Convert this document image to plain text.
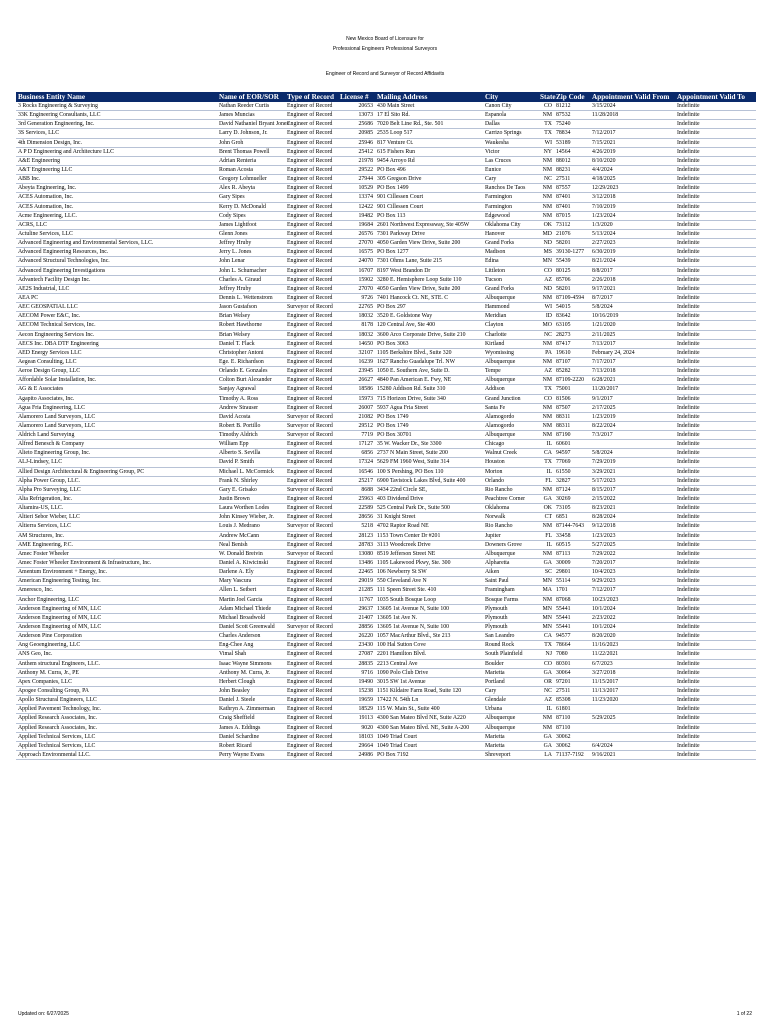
New Mexico Board of Licensure for
Professional Engineers Professional Surveyors
Engineer of Record and Surveyor of Record Affidavits
Business Entity Name	Name of EOR/SOR	Type of Record	License #	Mailing Address	City	State	Zip Code	Appointment Valid From	Appointment Valid To
3 Rocks Engineering & Surveying	Nathan Reeder Curtis	Engineer of Record	20653	430 Main Street	Canon City	CO	81212	3/15/2024	Indefinite
33K Engineering Consultants, LLC	James Muncias	Engineer of Record	13073	17 El Sito Rd.	Espanola	NM	87532	11/28/2018	Indefinite
3rd Generation Engineering, Inc.	David Nathaniel Bryant Jones	Engineer of Record	25686	7020 Belt Line Rd., Ste. 501	Dallas	TX	75240		Indefinite
3S Services, LLC	Larry D. Johnson, Jr.	Engineer of Record	20985	2535 Loop 517	Carrizo Springs	TX	78834	7/12/2017	Indefinite
4th Dimension Design, Inc.	John Groh	Engineer of Record	25946	817 Venture Ct.	Waukesha	WI	53189	7/15/2021	Indefinite
A P D Engineering and Architecture LLC	Brent Thomas Powell	Engineer of Record	25412	615 Fishers Run	Victor	NY	14564	4/26/2019	Indefinite
A&E Engineering	Adrian Renteria	Engineer of Record	21978	9454 Arroyo Rd	Las Cruces	NM	88012	8/10/2020	Indefinite
A&T Engineering LLC	Roman Acosta	Engineer of Record	29522	PO Box 496	Eunice	NM	88231	4/4/2024	Indefinite
ABB Inc.	Gregory Lohmueller	Engineer of Record	27944	305 Gregson Drive	Cary	NC	27511	4/18/2025	Indefinite
Abeyta Engineering, Inc.	Alex R. Abeyta	Engineer of Record	10529	PO Box 1499	Ranchos De Taos	NM	87557	12/29/2023	Indefinite
ACES Automation, Inc.	Gary Sipes	Engineer of Record	13374	901 Cillessen Court	Farmington	NM	87401	3/12/2018	Indefinite
ACES Automation, Inc.	Kerry D. McDonald	Engineer of Record	12422	901 Cillessen Court	Farmington	NM	87401	7/10/2019	Indefinite
Acme Engineering, LLC.	Cody Sipes	Engineer of Record	19482	PO Box 113	Edgewood	NM	87015	1/23/2024	Indefinite
ACRS, LLC	James Lightfoot	Engineer of Record	19684	2601 Northwest Expressway, Ste 405W	Oklahoma City	OK	73112	1/3/2020	Indefinite
Actuline Services, LLC	Glenn Jones	Engineer of Record	26576	7301 Parkway Drive	Hanover	MD	21076	5/13/2024	Indefinite
Advanced Engineering and Environmental Services, LLC.	Jeffrey Hruby	Engineer of Record	27070	4050 Garden View Drive, Suite 200	Grand Forks	ND	58201	2/27/2023	Indefinite
Advanced Engineering Resources, Inc.	Jerry L. Jones	Engineer of Record	16575	PO Box 1277	Madison	MS	39130-1277	6/30/2019	Indefinite
Advanced Structural Technologies, Inc.	John Lenar	Engineer of Record	24070	7301 Ohms Lane, Suite 215	Edina	MN	55439	8/21/2024	Indefinite
Advanced Engineering Investigations	John L. Schumacher	Engineer of Record	16707	8197 West Brandon Dr	Littleton	CO	80125	8/8/2017	Indefinite
Advantech Facility Design Inc.	Charles A. Giraud	Engineer of Record	15902	3280 E. Hemisphere Loop Suite 110	Tucson	AZ	85706	2/26/2018	Indefinite
AE2S Industrial, LLC	Jeffrey Hruby	Engineer of Record	27070	4050 Garden View Drive, Suite 200	Grand Forks	ND	58201	9/17/2021	Indefinite
AEA PC	Dennis L. Wettenstrom	Engineer of Record	9726	7401 Hancock Ct. NE, STE. C	Albuquerque	NM	87109-4594	8/7/2017	Indefinite
AEC GEOSPATIAL LLC	Jason Gustafson	Surveyor of Record	22765	PO Box 297	Hammond	WI	54015	5/8/2024	Indefinite
AECOM Power E&C, Inc.	Brian Welsey	Engineer of Record	18032	3520 E. Goldstone Way	Meridian	ID	83642	10/16/2019	Indefinite
AECOM Technical Services, Inc.	Robert Hawthorne	Engineer of Record	8178	120 Central Ave, Ste 400	Clayton	MO	63105	1/21/2020	Indefinite
Aecon Engineering Services Inc.	Brian Welsey	Engineer of Record	18032	3600 Arco Corporate Drive, Suite 210	Charlotte	NC	28273	2/11/2025	Indefinite
AECS Inc. DBA DTF Engineering	Daniel T. Flack	Engineer of Record	14650	PO Box 3063	Kirtland	NM	87417	7/13/2017	Indefinite
AED Energy Services LLC	Christopher Antoni	Engineer of Record	32107	1105 Berkshire Blvd., Suite 320	Wyomissing	PA	19610	February 24, 2024	Indefinite
Aegean Consulting, LLC	Ege. E. Richardson	Engineer of Record	16239	1627 Rancho Guadalupe Trl. NW	Albuquerque	NM	87107	7/17/2017	Indefinite
Aeroe Design Group, LLC	Orlando E. Gonzales	Engineer of Record	23945	1050 E. Southern Ave, Suite D.	Tempe	AZ	85282	7/13/2018	Indefinite
Affordable Solar Installation, Inc.	Colton Burt Alexander	Engineer of Record	26627	4840 Pan American E. Fwy, NE	Albuquerque	NM	87109-2220	6/28/2021	Indefinite
AG & E Associates	Sanjay Agrawal	Engineer of Record	18586	15280 Addison Rd. Suite 310	Addison	TX	75001	11/20/2017	Indefinite
Agapito Associates, Inc.	Timothy A. Ross	Engineer of Record	15973	715 Horizon Drive, Suite 340	Grand Junction	CO	81506	9/1/2017	Indefinite
Agua Fria Engineering, LLC	Andrew Strauser	Engineer of Record	26007	5937 Agua Fria Street	Santa Fe	NM	87507	2/17/2025	Indefinite
Alamorero Land Surveyors, LLC	David Acosta	Surveyor of Record	21082	PO Box 1749	Alamogordo	NM	88311	1/23/2019	Indefinite
Alamorero Land Surveyors, LLC	Robert B. Portillo	Surveyor of Record	29512	PO Box 1749	Alamogordo	NM	88311	8/22/2024	Indefinite
Aldrich Land Surveying	Timothy Aldrich	Surveyor of Record	7719	PO Box 30701	Albuquerque	NM	87190	7/3/2017	Indefinite
Alfred Benesch & Company	William Epp	Engineer of Record	17127	35 W. Wacker Dr., Ste 3300	Chicago	IL	60601		Indefinite
Alieto Engineering Group, Inc.	Alberto S. Sevilla	Engineer of Record	6856	2737 N Main Street, Suite 200	Walnut Creek	CA	94597	5/8/2024	Indefinite
ALJ-Lindsey, LLC	David P. Smith	Engineer of Record	17324	5629 FM 1960 West, Suite 314	Houston	TX	77069	7/29/2019	Indefinite
Allied Design Architectural & Engineering Group, PC	Michael L. McCormick	Engineer of Record	16546	100 S Pershing, PO Box 110	Morton	IL	61550	3/29/2021	Indefinite
Alpha Power Group, LLC.	Frank N. Shirley	Engineer of Record	25217	6900 Tavistock Lakes Blvd, Suite 400	Orlando	FL	32827	5/17/2023	Indefinite
Alpha Pro Surveying, LLC	Gary E. Grisako	Surveyor of Record	8688	3434 22nd Circle SE,	Rio Rancho	NM	87124	8/15/2017	Indefinite
Alta Refrigeration, Inc.	Justin Brown	Engineer of Record	25963	403 Dividend Drive	Peachtree Corner	GA	30269	2/15/2022	Indefinite
Altamira-US, LLC.	Laura Worthen Lodes	Engineer of Record	22589	525 Central Park Dr., Suite 500	Oklahoma	OK	73105	8/23/2021	Indefinite
Altieri Sebor Wieber, LLC	John Kinsey Wieber, Jr.	Engineer of Record	28656	31 Knight Street	Norwalk	CT	6851	8/28/2024	Indefinite
Altierra Services, LLC	Louis J. Medrano	Surveyor of Record	5218	4702 Raptor Road NE	Rio Rancho	NM	87144-7643	9/12/2018	Indefinite
AM Structures, Inc.	Andrew McCann	Engineer of Record	28123	1153 Town Center Dr #201	Jupiter	FL	33458	1/23/2023	Indefinite
AME Engineering, P.C.	Neal Benish	Engineer of Record	28783	3113 Woodcreek Drive	Downers Grove	IL	60515	5/27/2025	Indefinite
Amec Foster Wheeler	W. Donald Breivin	Surveyor of Record	13080	8519 Jefferson Street NE	Albuquerque	NM	87113	7/29/2022	Indefinite
Amec Foster Wheeler Environment & Infrastructure, Inc.	Daniel A. Kiwicinski	Engineer of Record	13486	1105 Lakewood Pkwy, Ste. 300	Alpharetta	GA	30009	7/20/2017	Indefinite
Amentum Environment + Energy, Inc.	Darlene A. Ely	Engineer of Record	22465	106 Newberry St SW	Aiken	SC	29801	10/4/2023	Indefinite
American Engineering Testing, Inc.	Mary Vascura	Engineer of Record	29019	550 Cleveland Ave N	Saint Paul	MN	55114	9/29/2023	Indefinite
Ameresco, Inc.	Allen L. Seibert	Engineer of Record	21285	111 Speen Street Ste. 410	Framingham	MA	1701	7/12/2017	Indefinite
Anchor Engineering, LLC	Martin Joel Garcia	Engineer of Record	11767	1035 South Bosque Loop	Bosque Farms	NM	87068	10/23/2023	Indefinite
Anderson Engineering of MN, LLC	Adam Michael Thiede	Engineer of Record	29637	13605 1st Avenue N, Suite 100	Plymouth	MN	55441	10/1/2024	Indefinite
Anderson Engineering of MN, LLC	Michael Broadwold	Engineer of Record	21407	13605 1st Ave N.	Plymouth	MN	55441	2/23/2022	Indefinite
Anderson Engineering of MN, LLC	Daniel Scott Greenwald	Surveyor of Record	28856	13605 1st Avenue N, Suite 100	Plymouth	MN	55441	10/1/2024	Indefinite
Anderson Pine Corporation	Charles Anderson	Engineer of Record	26220	1057 MacArthur Blvd., Ste 213	San Leandro	CA	94577	8/20/2020	Indefinite
Ang Geoengineering, LLC	Eng-Chee Ang	Engineer of Record	23430	100 Hal Sutton Cove	Round Rock	TX	78664	11/16/2023	Indefinite
ANS Geo, Inc.	Vimal Shah	Engineer of Record	27087	2201 Hamilton Blvd.	South Plainfield	NJ	7080	11/22/2021	Indefinite
Anthem structural Engineers, LLC.	Isaac Wayne Simmons	Engineer of Record	28835	2213 Central Ave	Boulder	CO	80301	6/7/2023	Indefinite
Anthony M. Curra, Jr., PE	Anthony M. Curra, Jr.	Engineer of Record	9716	1090 Polo Club Drive	Marietta	GA	30064	3/27/2018	Indefinite
Apex Companies, LLC	Herbert Clough	Engineer of Record	19490	3015 SW 1st Avenue	Portland	OR	97201	11/15/2017	Indefinite
Apogee Consulting Group, PA	John Beasley	Engineer of Record	15238	1151 Kildaire Farm Road, Suite 120	Cary	NC	27511	11/13/2017	Indefinite
Apollo Structural Engineers, LLC	Daniel J. Steele	Engineer of Record	19659	17422 N. 54th Ln	Glendale	AZ	85308	11/23/2020	Indefinite
Applied Pavement Technology, Inc.	Kathryn A. Zimmerman	Engineer of Record	18529	115 W. Main St., Suite 400	Urbana	IL	61801		Indefinite
Applied Research Associates, Inc.	Craig Sheffield	Engineer of Record	19113	4300 San Mateo Blvd NE, Suite A220	Albuquerque	NM	87110	5/29/2025	Indefinite
Applied Research Associates, Inc.	James A. Eddings	Engineer of Record	9020	4300 San Mateo Blvd. NE, Suite A-200	Albuquerque	NM	87110		Indefinite
Applied Technical Services, LLC	Daniel Schardine	Engineer of Record	18103	1049 Triad Court	Marietta	GA	30062		Indefinite
Applied Technical Services, LLC	Robert Ricard	Engineer of Record	29664	1049 Triad Court	Marietta	GA	30062	6/4/2024	Indefinite
Approach Environmental LLC.	Perry Wayne Evans	Engineer of Record	24986	PO Box 7192	Shreveport	LA	71137-7192	9/16/2021	Indefinite
Updated on: 6/27/2025	1 of 22
